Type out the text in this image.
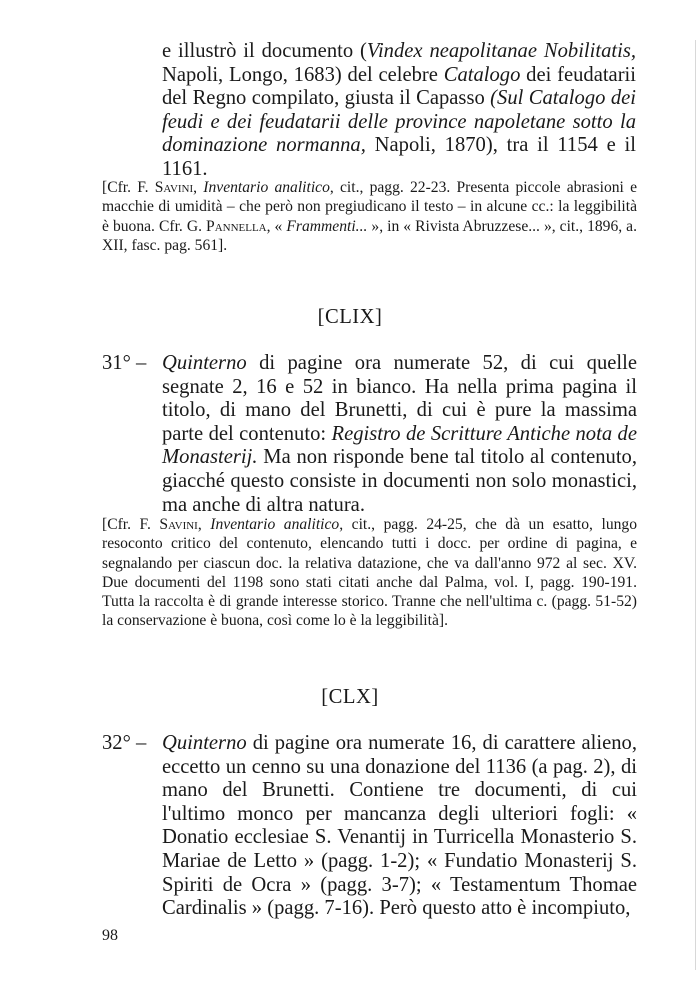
e illustrò il documento (Vindex neapolitanae Nobilitatis, Napoli, Longo, 1683) del celebre Catalogo dei feudatarii del Regno compilato, giusta il Capasso (Sul Catalogo dei feudi e dei feudatarii delle province napoletane sotto la dominazione normanna, Napoli, 1870), tra il 1154 e il 1161.
[Cfr. F. Savini, Inventario analitico, cit., pagg. 22-23. Presenta piccole abrasioni e macchie di umidità – che però non pregiudicano il testo – in alcune cc.: la leggibilità è buona. Cfr. G. Pannella, « Frammenti... », in « Rivista Abruzzese... », cit., 1896, a. XII, fasc. pag. 561].
[CLIX]
31° – Quinterno di pagine ora numerate 52, di cui quelle segnate 2, 16 e 52 in bianco. Ha nella prima pagina il titolo, di mano del Brunetti, di cui è pure la massima parte del contenuto: Registro de Scritture Antiche nota de Monasterij. Ma non risponde bene tal titolo al contenuto, giacché questo consiste in documenti non solo monastici, ma anche di altra natura.
[Cfr. F. Savini, Inventario analitico, cit., pagg. 24-25, che dà un esatto, lungo resoconto critico del contenuto, elencando tutti i docc. per ordine di pagina, e segnalando per ciascun doc. la relativa datazione, che va dall'anno 972 al sec. XV. Due documenti del 1198 sono stati citati anche dal Palma, vol. I, pagg. 190-191. Tutta la raccolta è di grande interesse storico. Tranne che nell'ultima c. (pagg. 51-52) la conservazione è buona, così come lo è la leggibilità].
[CLX]
32° – Quinterno di pagine ora numerate 16, di carattere alieno, eccetto un cenno su una donazione del 1136 (a pag. 2), di mano del Brunetti. Contiene tre documenti, di cui l'ultimo monco per mancanza degli ulteriori fogli: « Donatio ecclesiae S. Venantij in Turricella Monasterio S. Mariae de Letto » (pagg. 1-2); « Fundatio Monasterij S. Spiriti de Ocra » (pagg. 3-7); « Testamentum Thomae Cardinalis » (pagg. 7-16). Però questo atto è incompiuto,
98
